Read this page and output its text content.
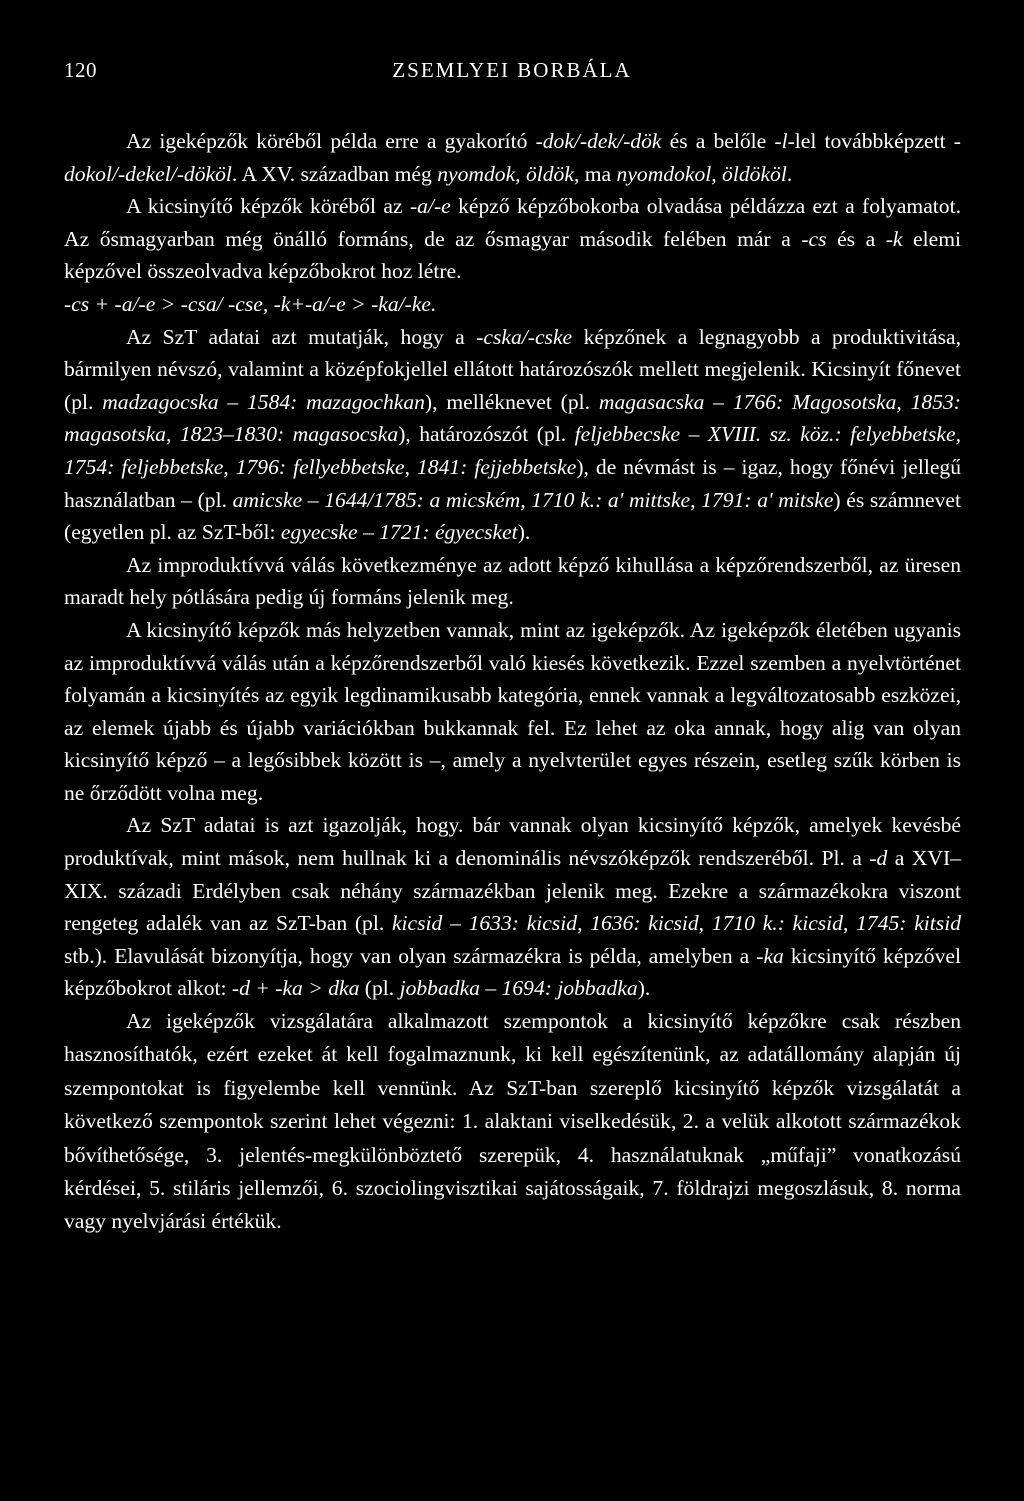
120	ZSEMLYEI BORBÁLA

Az igeképzők köréből példa erre a gyakorító -dok/-dek/-dök és a belőle -l-lel továbbképzett -dokol/-dekel/-dököl. A XV. században még nyomdok, öldök, ma nyomdokol, öldököl.

A kicsinyítő képzők köréből az -a/-e képző képzőbokorba olvadása példázza ezt a folyamatot. Az ősmagyarban még önálló formáns, de az ősmagyar második felében már a -cs és a -k elemi képzővel összeolvadva képzőbokrot hoz létre.

-cs + -a/-e > -csa/ -cse, -k+-a/-e > -ka/-ke.

Az SzT adatai azt mutatják, hogy a -cska/-cske képzőnek a legnagyobb a produktivitása, bármilyen névszó, valamint a középfokjellel ellátott határozószók mellett megjelenik. Kicsinyít főnevet (pl. madzagocska – 1584: mazagochkan), melléknevet (pl. magasacska – 1766: Magosotska, 1853: magasotska, 1823–1830: magasocska), határozószót (pl. feljebbecske – XVIII. sz. köz.: felyebbetske, 1754: feljebbetske, 1796: fellyebbetske, 1841: fejjebbetske), de névmást is – igaz, hogy főnévi jellegű használatban – (pl. amicske – 1644/1785: a micském, 1710 k.: a' mittske, 1791: a' mitske) és számnevet (egyetlen pl. az SzT-ből: egyecske – 1721: égyecsket).

Az improduktívvá válás következménye az adott képző kihullása a képzőrendszerből, az üresen maradt hely pótlására pedig új formáns jelenik meg.

A kicsinyítő képzők más helyzetben vannak, mint az igeképzők. Az igeképzők életében ugyanis az improduktívvá válás után a képzőrendszerből való kiesés következik. Ezzel szemben a nyelvtörténet folyamán a kicsinyítés az egyik legdinamikusabb kategória, ennek vannak a legváltozatosabb eszközei, az elemek újabb és újabb variációkban bukkannak fel. Ez lehet az oka annak, hogy alig van olyan kicsinyítő képző – a legősibbek között is –, amely a nyelvterület egyes részein, esetleg szűk körben is ne őrződött volna meg.

Az SzT adatai is azt igazolják, hogy. bár vannak olyan kicsinyítő képzők, amelyek kevésbé produktívak, mint mások, nem hullnak ki a denominális névszóképzők rendszeréből. Pl. a -d a XVI–XIX. századi Erdélyben csak néhány származékban jelenik meg. Ezekre a származékokra viszont rengeteg adalék van az SzT-ban (pl. kicsid – 1633: kicsid, 1636: kicsid, 1710 k.: kicsid, 1745: kitsid stb.). Elavulását bizonyítja, hogy van olyan származékra is példa, amelyben a -ka kicsinyítő képzővel képzőbokrot alkot: -d + -ka > dka (pl. jobbadka – 1694: jobbadka).

Az igeképzők vizsgálatára alkalmazott szempontok a kicsinyítő képzőkre csak részben hasznosíthatók, ezért ezeket át kell fogalmaznunk, ki kell egészítenünk, az adatállomány alapján új szempontokat is figyelembe kell vennünk. Az SzT-ban szereplő kicsinyítő képzők vizsgálatát a következő szempontok szerint lehet végezni: 1. alaktani viselkedésük, 2. a velük alkotott származékok bővíthetősége, 3. jelentés-megkülönböztető szerepük, 4. használatuknak „műfaji” vonatkozású kérdései, 5. stiláris jellemzői, 6. szociolingvisztikai sajátosságaik, 7. földrajzi megoszlásuk, 8. norma vagy nyelvjárási értékük.
